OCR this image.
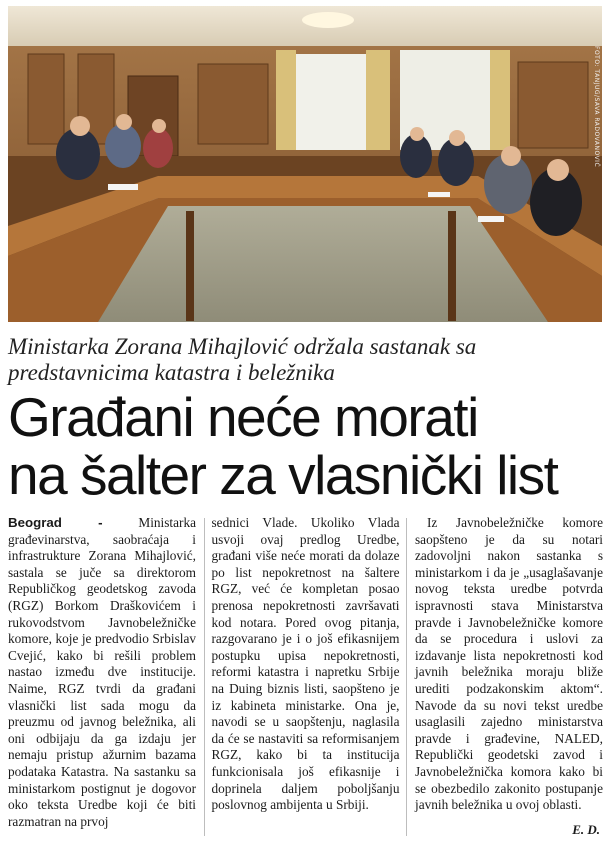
FOTO: TANJUG/SAVA RADOVANOVIĆ
Ministarka Zorana Mihajlović održala sastanak sa predstavnicima katastra i beležnika
Građani neće morati
na šalter za vlasnički list

Beograd - Ministarka građevinarstva, saobraćaja i infrastrukture Zorana Mihajlović, sastala se juče sa direktorom Republičkog geodetskog zavoda (RGZ) Borkom Draškovićem i rukovodstvom Javnobeležničke komore, koje je predvodio Srbislav Cvejić, kako bi rešili problem nastao između dve institucije. Naime, RGZ tvrdi da građani vlasnički list sada mogu da preuzmu od javnog beležnika, ali oni odbijaju da ga izdaju jer nemaju pristup ažurnim bazama podataka Katastra. Na sastanku sa ministarkom postignut je dogovor oko teksta Uredbe koji će biti razmatran na prvoj

sednici Vlade. Ukoliko Vlada usvoji ovaj predlog Uredbe, građani više neće morati da dolaze po list nepokretnost na šaltere RGZ, već će kompletan posao prenosa nepokretnosti završavati kod notara. Pored ovog pitanja, razgovarano je i o još efikasnijem postupku upisa nepokretnosti, reformi katastra i napretku Srbije na Duing biznis listi, saopšteno je iz kabineta ministarke. Ona je, navodi se u saopštenju, naglasila da će se nastaviti sa reformisanjem RGZ, kako bi ta institucija funkcionisala još efikasnije i doprinela daljem poboljšanju poslovnog ambijenta u Srbiji.

Iz Javnobeležničke komore saopšteno je da su notari zadovoljni nakon sastanka s ministarkom i da je „usaglašavanje novog teksta uredbe potvrda ispravnosti stava Ministarstva pravde i Javnobeležničke komore da se procedura i uslovi za izdavanje lista nepokretnosti kod javnih beležnika moraju bliže urediti podzakonskim aktom“. Navode da su novi tekst uredbe usaglasili zajedno ministarstva pravde i građevine, NALED, Republički geodetski zavod i Javnobeležnička komora kako bi se obezbedilo zakonito postupanje javnih beležnika u ovoj oblasti.

E. D.
